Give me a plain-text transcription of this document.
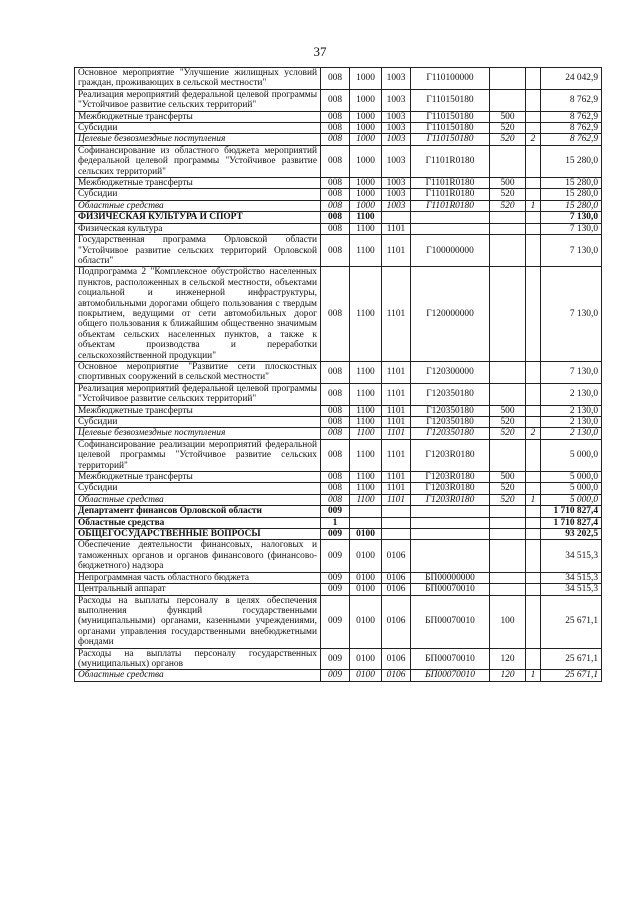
37
Основное мероприятие "Улучшение жилищных условий граждан, проживающих в сельской местности"	008	1000	1003	Г110100000			24 042,9
Реализация мероприятий федеральной целевой программы "Устойчивое развитие сельских территорий"	008	1000	1003	Г110150180			8 762,9
Межбюджетные трансферты	008	1000	1003	Г110150180	500		8 762,9
Субсидии	008	1000	1003	Г110150180	520		8 762,9
Целевые безвозмездные поступления	008	1000	1003	Г110150180	520	2	8 762,9
Софинансирование из областного бюджета мероприятий федеральной целевой программы "Устойчивое развитие сельских территорий"	008	1000	1003	Г1101R0180			15 280,0
Межбюджетные трансферты	008	1000	1003	Г1101R0180	500		15 280,0
Субсидии	008	1000	1003	Г1101R0180	520		15 280,0
Областные средства	008	1000	1003	Г1101R0180	520	1	15 280,0
ФИЗИЧЕСКАЯ КУЛЬТУРА И СПОРТ	008	1100					7 130,0
Физическая культура	008	1100	1101				7 130,0
Государственная программа Орловской области "Устойчивое развитие сельских территорий Орловской области"	008	1100	1101	Г100000000			7 130,0
Подпрограмма 2 "Комплексное обустройство населенных пунктов, расположенных в сельской местности, объектами социальной и инженерной инфраструктуры, автомобильными дорогами общего пользования с твердым покрытием, ведущими от сети автомобильных дорог общего пользования к ближайшим общественно значимым объектам сельских населенных пунктов, а также к объектам производства и переработки сельскохозяйственной продукции"	008	1100	1101	Г120000000			7 130,0
Основное мероприятие "Развитие сети плоскостных спортивных сооружений в сельской местности"	008	1100	1101	Г120300000			7 130,0
Реализация мероприятий федеральной целевой программы "Устойчивое развитие сельских территорий"	008	1100	1101	Г120350180			2 130,0
Межбюджетные трансферты	008	1100	1101	Г120350180	500		2 130,0
Субсидии	008	1100	1101	Г120350180	520		2 130,0
Целевые безвозмездные поступления	008	1100	1101	Г120350180	520	2	2 130,0
Софинансирование реализации мероприятий федеральной целевой программы "Устойчивое развитие сельских территорий"	008	1100	1101	Г1203R0180			5 000,0
Межбюджетные трансферты	008	1100	1101	Г1203R0180	500		5 000,0
Субсидии	008	1100	1101	Г1203R0180	520		5 000,0
Областные средства	008	1100	1101	Г1203R0180	520	1	5 000,0
Департамент финансов Орловской области	009						1 710 827,4
Областные средства	1						1 710 827,4
ОБЩЕГОСУДАРСТВЕННЫЕ ВОПРОСЫ	009	0100					93 202,5
Обеспечение деятельности финансовых, налоговых и таможенных органов и органов финансового (финансово-бюджетного) надзора	009	0100	0106				34 515,3
Непрограммная часть областного бюджета	009	0100	0106	БП00000000			34 515,3
Центральный аппарат	009	0100	0106	БП00070010			34 515,3
Расходы на выплаты персоналу в целях обеспечения выполнения функций государственными (муниципальными) органами, казенными учреждениями, органами управления государственными внебюджетными фондами	009	0100	0106	БП00070010	100		25 671,1
Расходы на выплаты персоналу государственных (муниципальных) органов	009	0100	0106	БП00070010	120		25 671,1
Областные средства	009	0100	0106	БП00070010	120	1	25 671,1
